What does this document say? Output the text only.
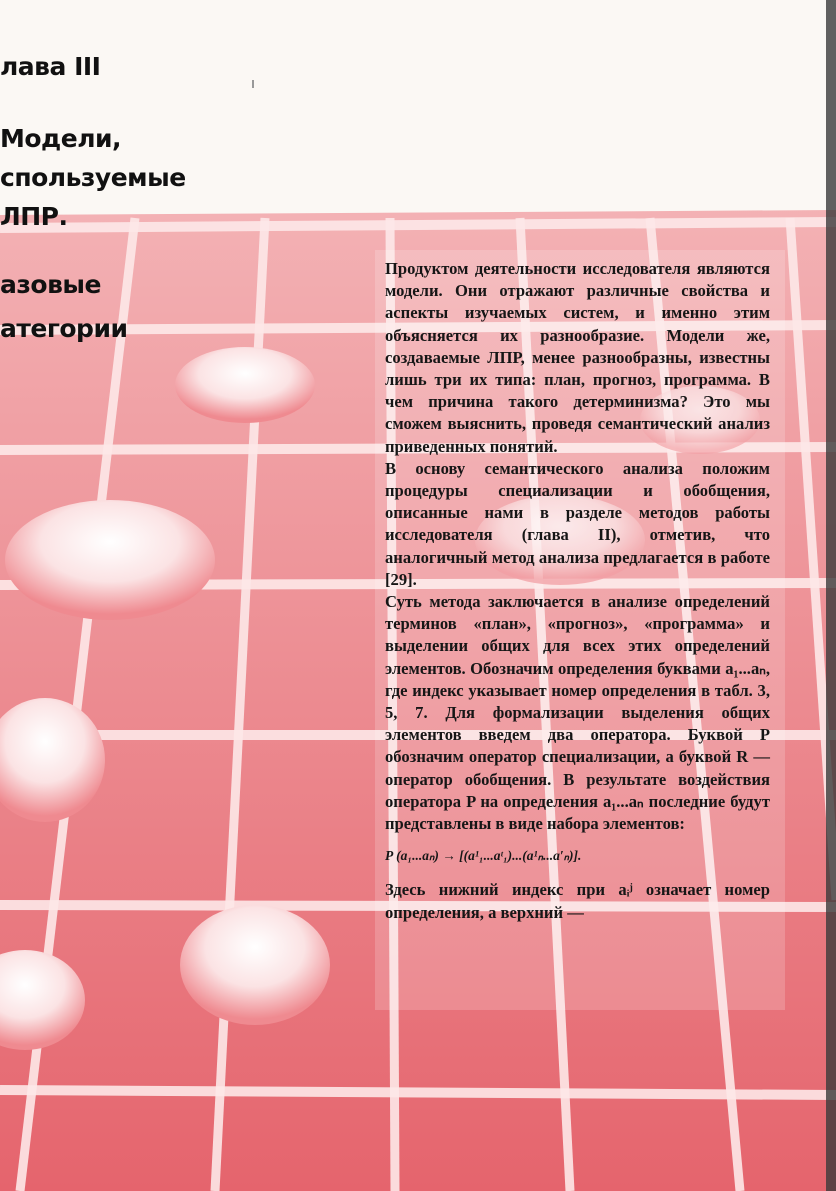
лава III
Модели,
спользуемые
ЛПР.
азовые
атегории

Продуктом деятельности исследователя являются модели. Они отражают различные свойства и аспекты изучаемых систем, и именно этим объясняется их разнообразие. Модели же, создаваемые ЛПР, менее разнообразны, известны лишь три их типа: план, прогноз, программа. В чем причина такого детерминизма? Это мы сможем выяснить, проведя семантический анализ приведенных понятий.

В основу семантического анализа положим процедуры специализации и обобщения, описанные нами в разделе методов работы исследователя (глава II), отметив, что аналогичный метод анализа предлагается в работе [29].

Суть метода заключается в анализе определений терминов «план», «прогноз», «программа» и выделении общих для всех этих определений элементов. Обозначим определения буквами a₁...aₙ, где индекс указывает номер определения в табл. 3, 5, 7. Для формализации выделения общих элементов введем два оператора. Буквой P обозначим оператор специализации, а буквой R — оператор обобщения. В результате воздействия оператора P на определения a₁...aₙ последние будут представлены в виде набора элементов:

P (a₁...aₙ) → [(a¹₁...aᵗ₁)...(a¹ₙ...a′ₙ)].

Здесь нижний индекс при aᵢʲ означает номер определения, а верхний —
